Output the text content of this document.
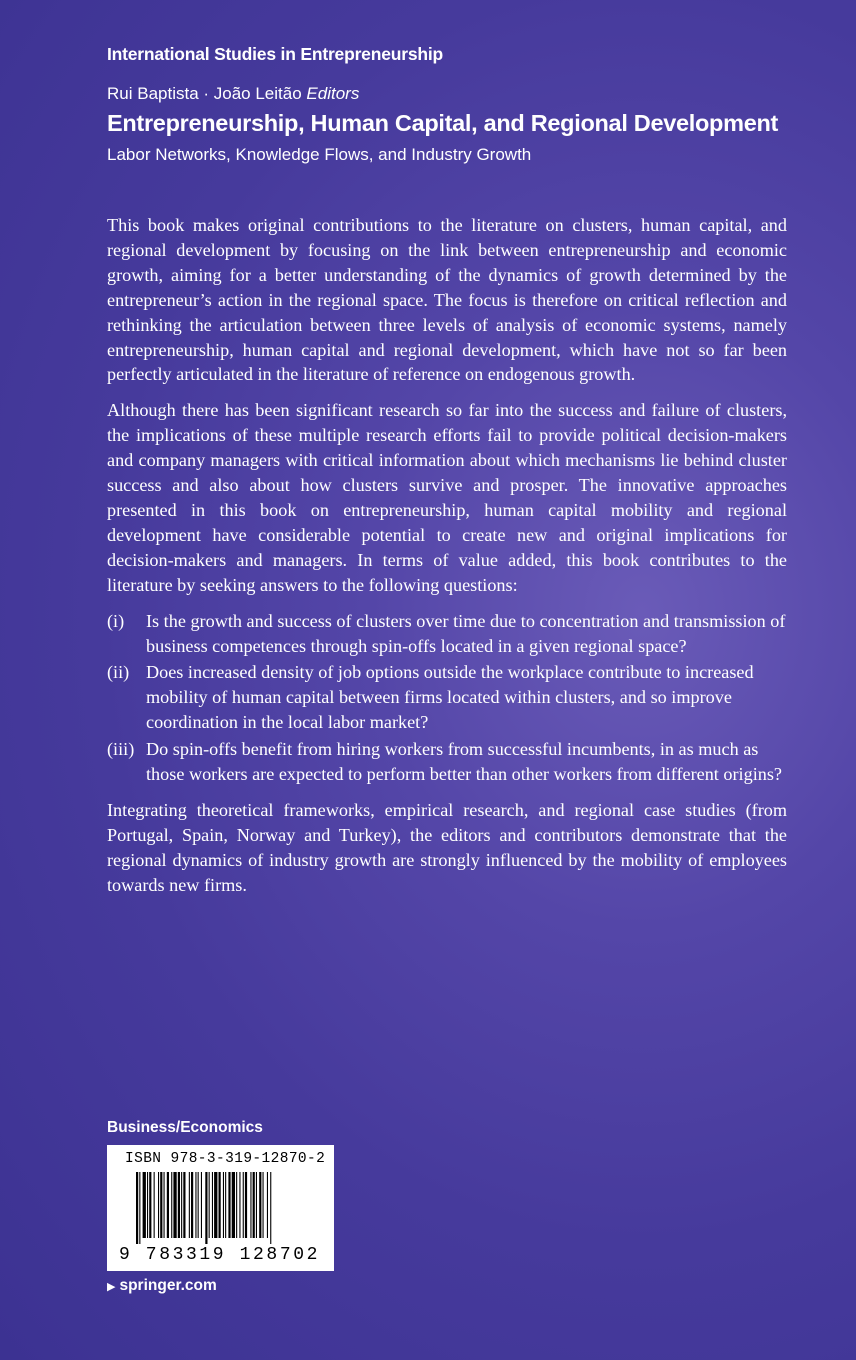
International Studies in Entrepreneurship
Rui Baptista · João Leitão Editors
Entrepreneurship, Human Capital, and Regional Development
Labor Networks, Knowledge Flows, and Industry Growth

This book makes original contributions to the literature on clusters, human capital, and regional development by focusing on the link between entrepreneurship and economic growth, aiming for a better understanding of the dynamics of growth determined by the entrepreneur’s action in the regional space. The focus is therefore on critical reflection and rethinking the articulation between three levels of analysis of economic systems, namely entrepreneurship, human capital and regional development, which have not so far been perfectly articulated in the literature of reference on endogenous growth.

Although there has been significant research so far into the success and failure of clusters, the implications of these multiple research efforts fail to provide political decision-makers and company managers with critical information about which mechanisms lie behind cluster success and also about how clusters survive and prosper. The innovative approaches presented in this book on entrepreneurship, human capital mobility and regional development have considerable potential to create new and original implications for decision-makers and managers. In terms of value added, this book contributes to the literature by seeking answers to the following questions:

(i)	Is the growth and success of clusters over time due to concentration and transmission of business competences through spin-offs located in a given regional space?
(ii) Does increased density of job options outside the workplace contribute to increased mobility of human capital between firms located within clusters, and so improve coordination in the local labor market?
(iii) Do spin-offs benefit from hiring workers from successful incumbents, in as much as those workers are expected to perform better than other workers from different origins?

Integrating theoretical frameworks, empirical research, and regional case studies (from Portugal, Spain, Norway and Turkey), the editors and contributors demonstrate that the regional dynamics of industry growth are strongly influenced by the mobility of employees towards new firms.

Business/Economics
ISBN 978-3-319-12870-2
9 783319 128702
▶ springer.com
